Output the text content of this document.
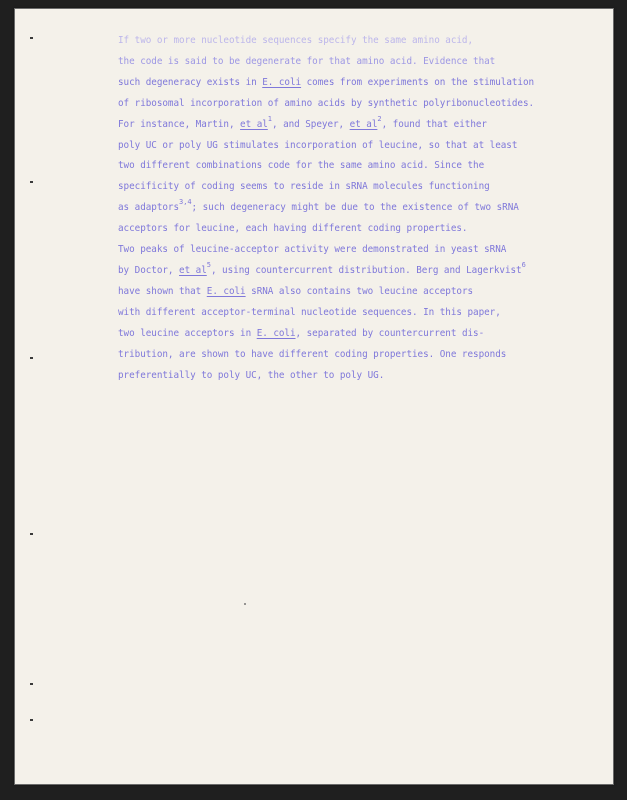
If two or more nucleotide sequences specify the same amino acid,
the code is said to be degenerate for that amino acid. Evidence that
such degeneracy exists in E. coli comes from experiments on the stimulation
of ribosomal incorporation of amino acids by synthetic polyribonucleotides.
For instance, Martin, et $al^1$, and Speyer, et $al^2$, found that either
poly UC or poly UG stimulates incorporation of leucine, so that at least
two different combinations code for the same amino acid. Since the
specificity of coding seems to reside in sRNA molecules functioning
as adaptors$^{3,4}$; such degeneracy might be due to the existence of two sRNA
acceptors for leucine, each having different coding properties.
Two peaks of leucine-acceptor activity were demonstrated in yeast sRNA
by Doctor, et $al^5$, using countercurrent distribution. Berg and Lagerkvist$^6$
have shown that E. coli sRNA also contains two leucine acceptors
with different acceptor-terminal nucleotide sequences. In this paper,
two leucine acceptors in E. coli, separated by countercurrent dis-
tribution, are shown to have different coding properties. One responds
preferentially to poly UC, the other to poly UG.
